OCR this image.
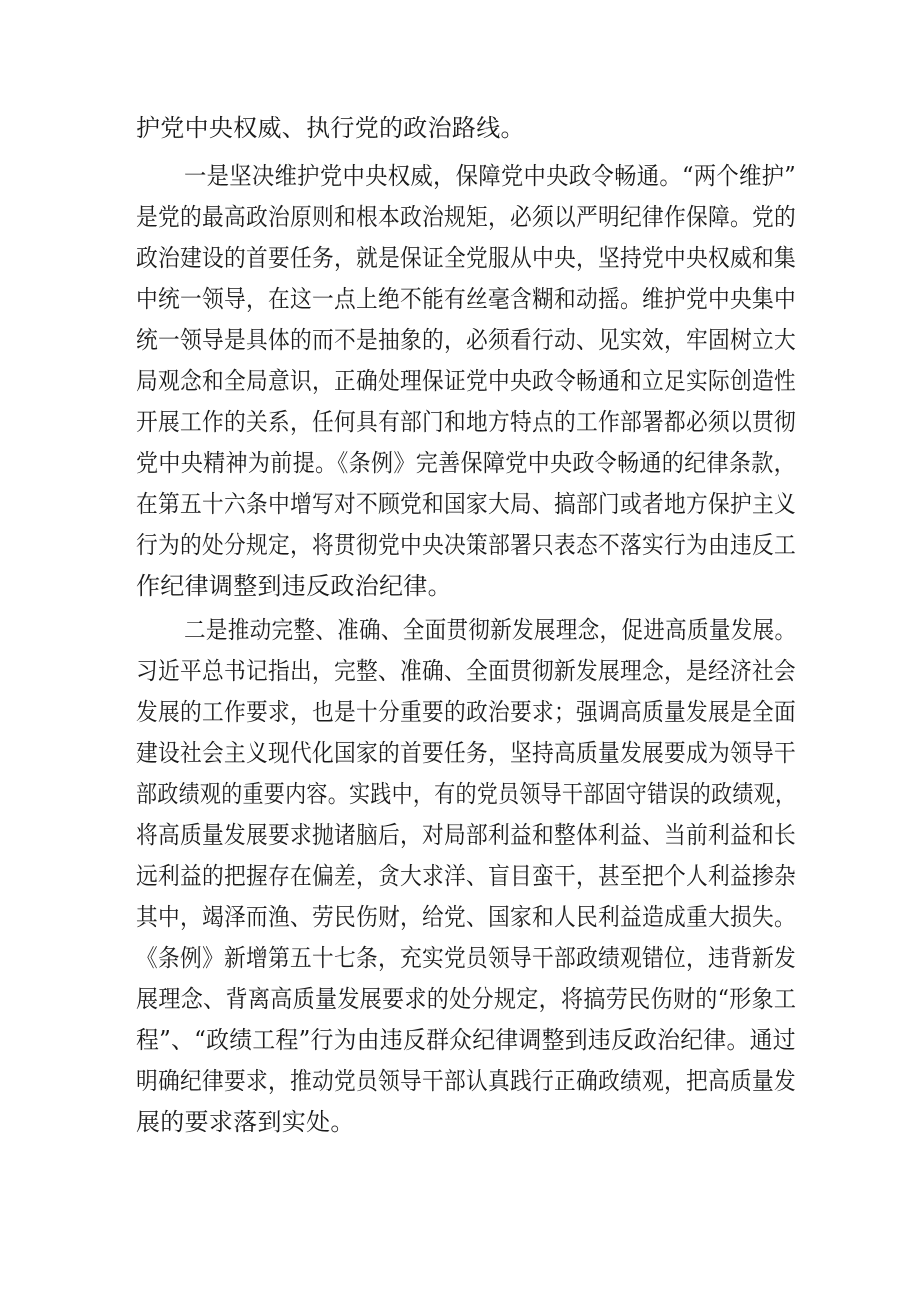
护党中央权威、执行党的政治路线。
一是坚决维护党中央权威，保障党中央政令畅通。“两个维护”
是党的最高政治原则和根本政治规矩，必须以严明纪律作保障。党的
政治建设的首要任务，就是保证全党服从中央，坚持党中央权威和集
中统一领导，在这一点上绝不能有丝毫含糊和动摇。维护党中央集中
统一领导是具体的而不是抽象的，必须看行动、见实效，牢固树立大
局观念和全局意识，正确处理保证党中央政令畅通和立足实际创造性
开展工作的关系，任何具有部门和地方特点的工作部署都必须以贯彻
党中央精神为前提。《条例》完善保障党中央政令畅通的纪律条款，
在第五十六条中增写对不顾党和国家大局、搞部门或者地方保护主义
行为的处分规定，将贯彻党中央决策部署只表态不落实行为由违反工
作纪律调整到违反政治纪律。
二是推动完整、准确、全面贯彻新发展理念，促进高质量发展。
习近平总书记指出，完整、准确、全面贯彻新发展理念，是经济社会
发展的工作要求，也是十分重要的政治要求；强调高质量发展是全面
建设社会主义现代化国家的首要任务，坚持高质量发展要成为领导干
部政绩观的重要内容。实践中，有的党员领导干部固守错误的政绩观，
将高质量发展要求抛诸脑后，对局部利益和整体利益、当前利益和长
远利益的把握存在偏差，贪大求洋、盲目蛮干，甚至把个人利益掺杂
其中，竭泽而渔、劳民伤财，给党、国家和人民利益造成重大损失。
《条例》新增第五十七条，充实党员领导干部政绩观错位，违背新发
展理念、背离高质量发展要求的处分规定，将搞劳民伤财的“形象工
程”、“政绩工程”行为由违反群众纪律调整到违反政治纪律。通过
明确纪律要求，推动党员领导干部认真践行正确政绩观，把高质量发
展的要求落到实处。
